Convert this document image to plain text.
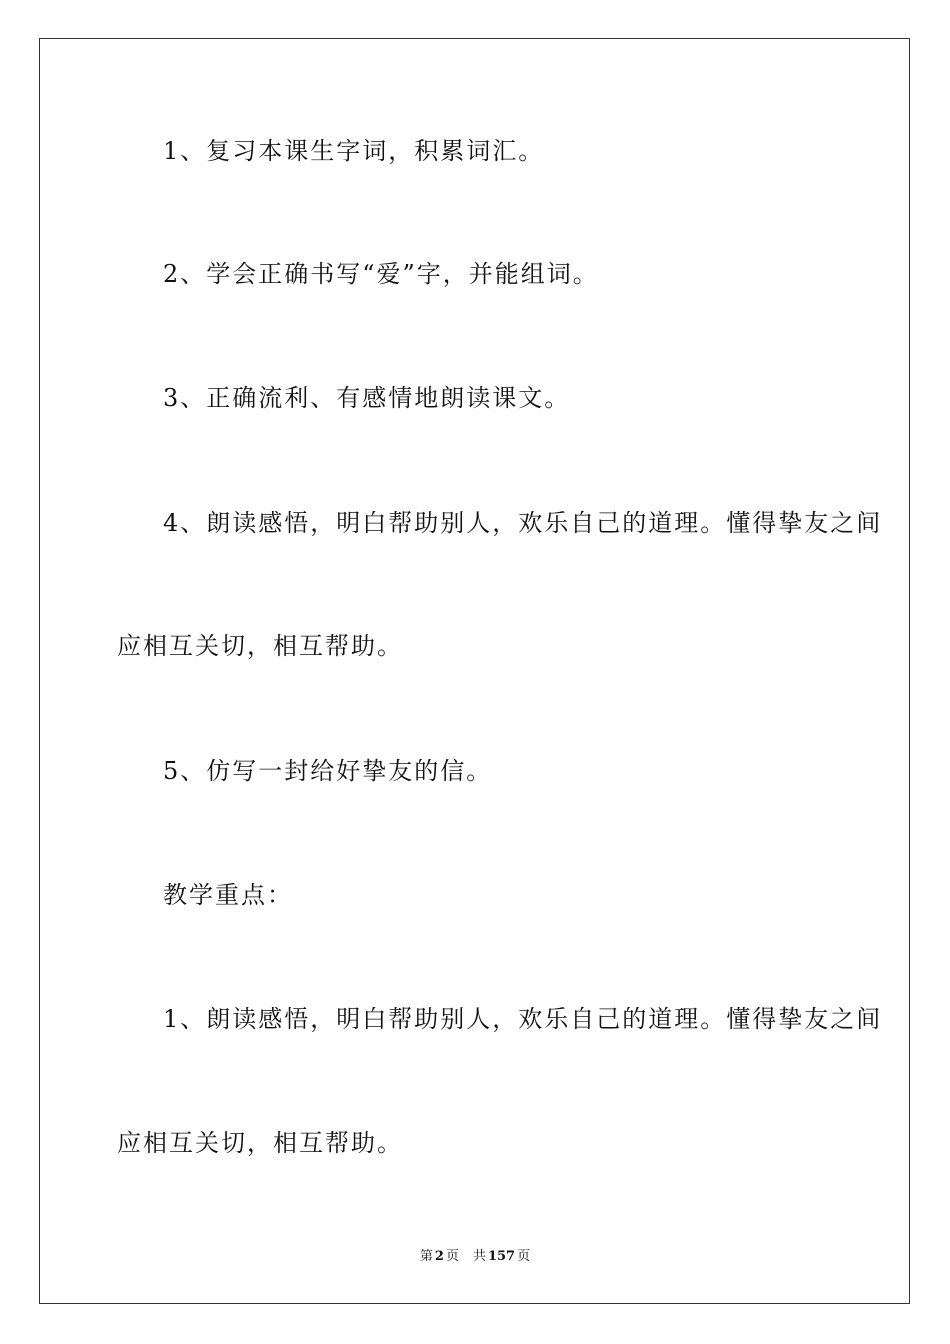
1、复习本课生字词，积累词汇。
2、学会正确书写“爱”字，并能组词。
3、正确流利、有感情地朗读课文。
4、朗读感悟，明白帮助别人，欢乐自己的道理。懂得挚友之间
应相互关切，相互帮助。
5、仿写一封给好挚友的信。
教学重点：
1、朗读感悟，明白帮助别人，欢乐自己的道理。懂得挚友之间
应相互关切，相互帮助。
第 2 页 共 157 页
